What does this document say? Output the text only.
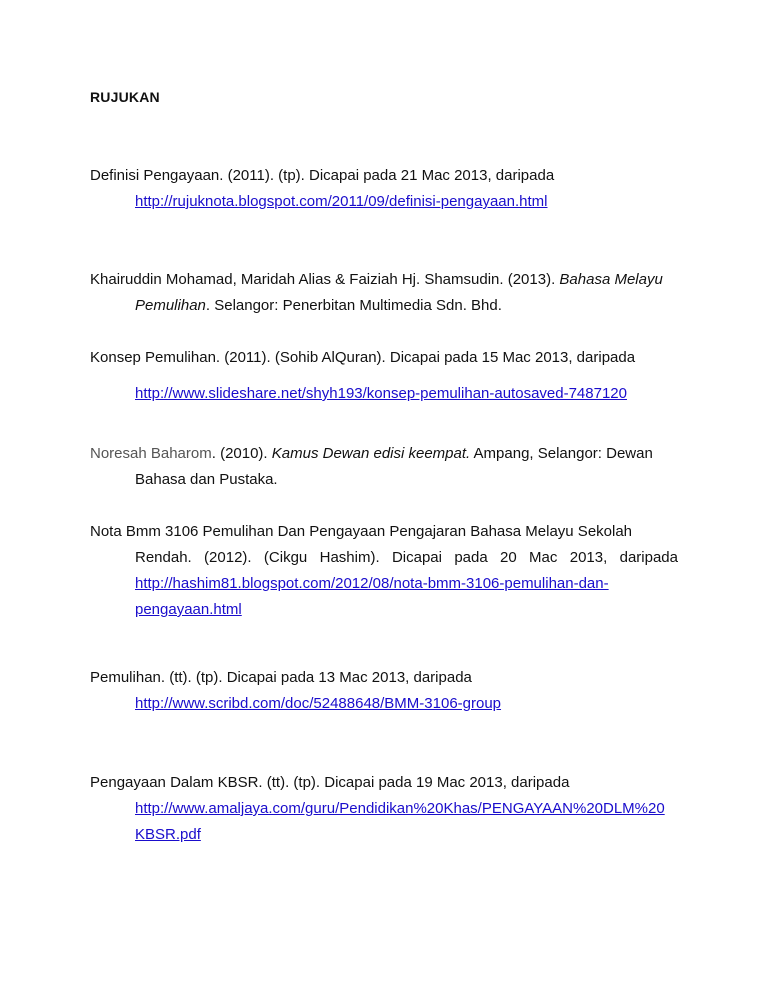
RUJUKAN
Definisi Pengayaan. (2011). (tp). Dicapai pada 21 Mac 2013, daripada
http://rujuknota.blogspot.com/2011/09/definisi-pengayaan.html
Khairuddin Mohamad, Maridah Alias & Faiziah Hj. Shamsudin. (2013). Bahasa Melayu
Pemulihan. Selangor: Penerbitan Multimedia Sdn. Bhd.
Konsep Pemulihan. (2011). (Sohib AlQuran). Dicapai pada 15 Mac 2013, daripada
http://www.slideshare.net/shyh193/konsep-pemulihan-autosaved-7487120
Noresah Baharom. (2010). Kamus Dewan edisi keempat. Ampang, Selangor: Dewan
Bahasa dan Pustaka.
Nota Bmm 3106 Pemulihan Dan Pengayaan Pengajaran Bahasa Melayu Sekolah
Rendah. (2012). (Cikgu Hashim). Dicapai pada 20 Mac 2013, daripada
http://hashim81.blogspot.com/2012/08/nota-bmm-3106-pemulihan-dan-
pengayaan.html
Pemulihan. (tt). (tp). Dicapai pada 13 Mac 2013, daripada
http://www.scribd.com/doc/52488648/BMM-3106-group
Pengayaan Dalam KBSR. (tt). (tp). Dicapai pada 19 Mac 2013, daripada
http://www.amaljaya.com/guru/Pendidikan%20Khas/PENGAYAAN%20DLM%20
KBSR.pdf
